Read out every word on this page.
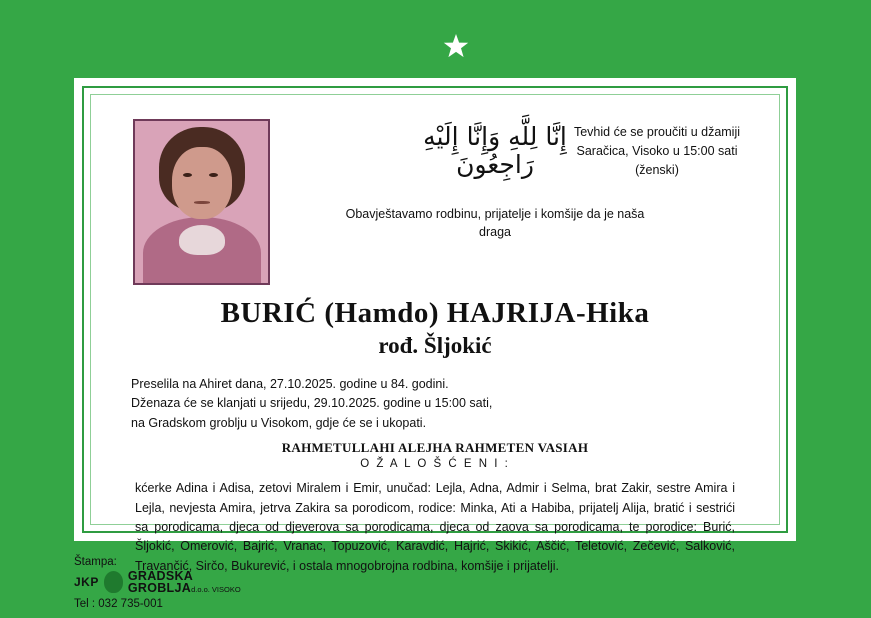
إِنَّا لِلَّهِ وَإِنَّا إِلَيْهِ رَاجِعُونَ
Tevhid će se proučiti u džamiji Saračica, Visoko u 15:00 sati (ženski)
Obavještavamo rodbinu, prijatelje i komšije da je naša draga
BURIĆ (Hamdo) HAJRIJA-Hika
rođ. Šljokić
Preselila na Ahiret dana, 27.10.2025. godine u 84. godini.
Dženaza će se klanjati u srijedu, 29.10.2025. godine u 15:00 sati,
na Gradskom groblju u Visokom, gdje će se i ukopati.
RAHMETULLAHI ALEJHA RAHMETEN VASIAH
O Ž A L O Š Ć E N I :
kćerke Adina i Adisa, zetovi Miralem i Emir, unučad: Lejla, Adna, Admir i Selma, brat Zakir, sestre Amira i Lejla, nevjesta Amira, jetrva Zakira sa porodicom, rodice: Minka, Ati a Habiba, prijatelj Alija, bratić i sestrići sa porodicama, djeca od djeverova sa porodicama, djeca od zaova sa porodicama, te porodice: Burić, Šljokić, Omerović, Bajrić, Vranac, Topuzović, Karavdić, Hajrić, Skikić, Aščić, Teletović, Zečević, Salković, Travančić, Sirčo, Bukurević, i ostala mnogobrojna rodbina, komšije i prijatelji.
Štampa:
JKP GRADSKA
GROBLJAd.o.o. VISOKO
Tel : 032 735-001
